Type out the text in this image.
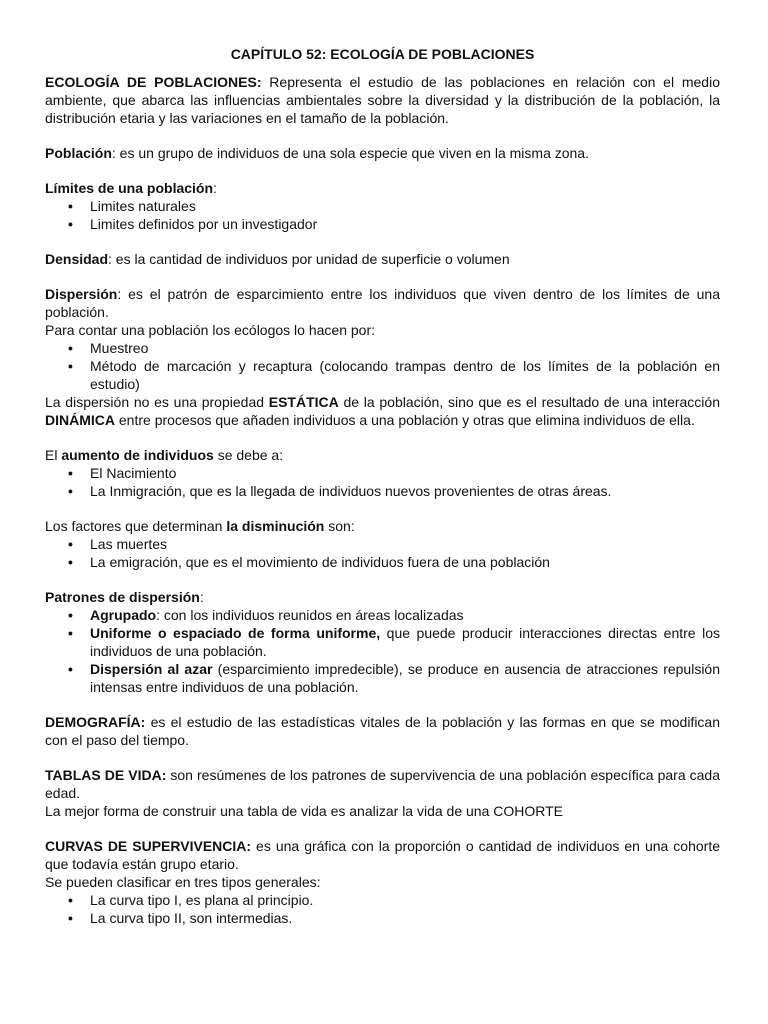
CAPÍTULO 52: ECOLOGÍA DE POBLACIONES

ECOLOGÍA DE POBLACIONES: Representa el estudio de las poblaciones en relación con el medio ambiente, que abarca las influencias ambientales sobre la diversidad y la distribución de la población, la distribución etaria y las variaciones en el tamaño de la población.

Población: es un grupo de individuos de una sola especie que viven en la misma zona.

Límites de una población:

• Limites naturales
• Limites definidos por un investigador

Densidad: es la cantidad de individuos por unidad de superficie o volumen

Dispersión: es el patrón de esparcimiento entre los individuos que viven dentro de los límites de una población.

Para contar una población los ecólogos lo hacen por:

• Muestreo
• Método de marcación y recaptura (colocando trampas dentro de los límites de la población en estudio)

La dispersión no es una propiedad ESTÁTICA de la población, sino que es el resultado de una interacción DINÁMICA entre procesos que añaden individuos a una población y otras que elimina individuos de ella.

El aumento de individuos se debe a:

• El Nacimiento
• La Inmigración, que es la llegada de individuos nuevos provenientes de otras áreas.

Los factores que determinan la disminución son:

• Las muertes
• La emigración, que es el movimiento de individuos fuera de una población

Patrones de dispersión:

• Agrupado: con los individuos reunidos en áreas localizadas
• Uniforme o espaciado de forma uniforme, que puede producir interacciones directas entre los individuos de una población.
• Dispersión al azar (esparcimiento impredecible), se produce en ausencia de atracciones repulsión intensas entre individuos de una población.

DEMOGRAFÍA: es el estudio de las estadísticas vitales de la población y las formas en que se modifican con el paso del tiempo.

TABLAS DE VIDA: son resúmenes de los patrones de supervivencia de una población específica para cada edad.

La mejor forma de construir una tabla de vida es analizar la vida de una COHORTE

CURVAS DE SUPERVIVENCIA: es una gráfica con la proporción o cantidad de individuos en una cohorte que todavía están grupo etario.

Se pueden clasificar en tres tipos generales:

• La curva tipo I, es plana al principio.
• La curva tipo II, son intermedias.
